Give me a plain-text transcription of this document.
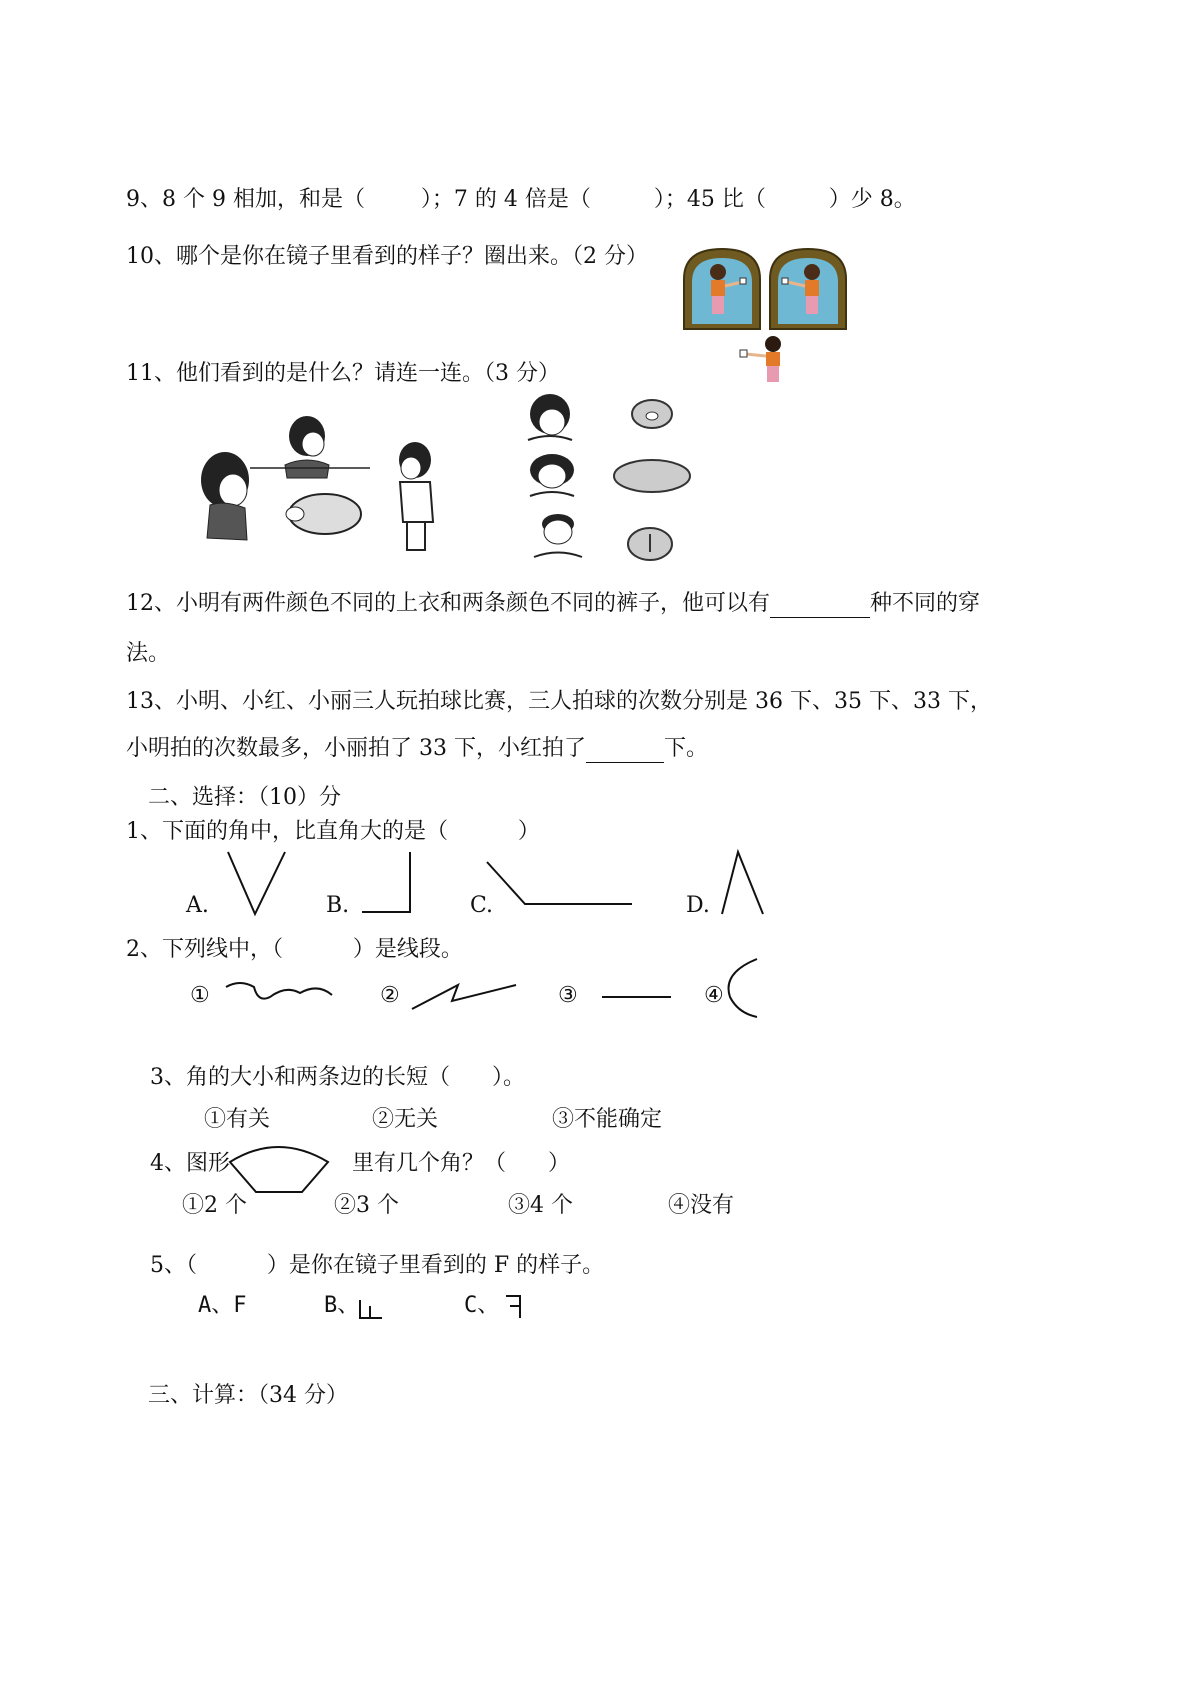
9、8 个 9 相加，和是（        ）；7 的 4 倍是（         ）；45 比（         ）少 8。
10、哪个是你在镜子里看到的样子？圈出来。（2 分）
11、他们看到的是什么？请连一连。（3 分）
12、小明有两件颜色不同的上衣和两条颜色不同的裤子，他可以有	种不同的穿
法。
13、小明、小红、小丽三人玩拍球比赛，三人拍球的次数分别是 36 下、35 下、33 下，
小明拍的次数最多，小丽拍了 33 下，小红拍了	下。
二、选择：（10）分
1、下面的角中，比直角大的是（          ）
A.	B.	C.	D.
2、下列线中，（          ）是线段。
①	②	③	④
3、角的大小和两条边的长短（      ）。
①有关	②无关	③不能确定
4、图形	里有几个角？（      ）
①2 个	②3 个	③4 个	④没有
5、（          ）是你在镜子里看到的 F 的样子。
A、F	B、	C、
三、计算：（34 分）
